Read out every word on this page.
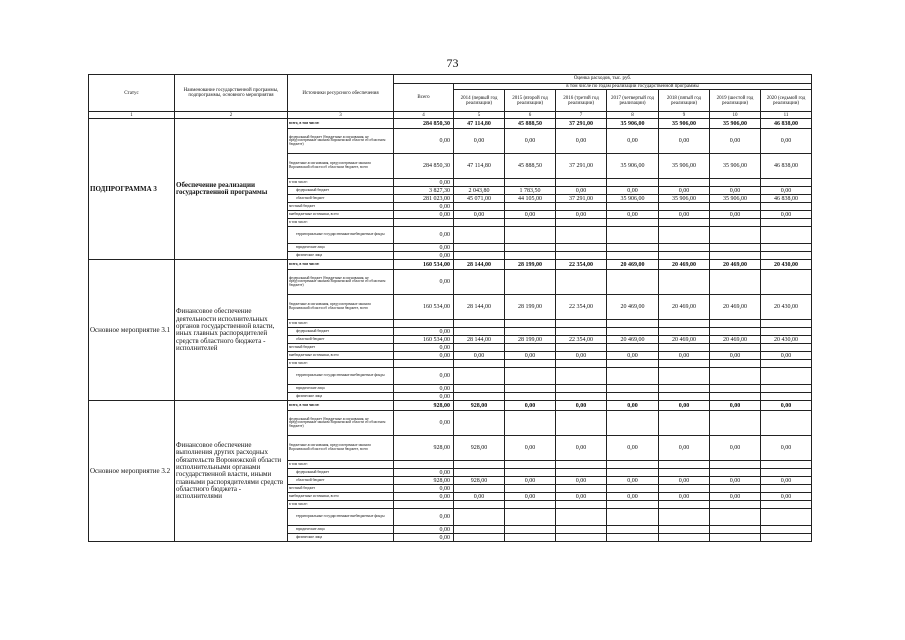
73
Статус	Наименование государственной программы, подпрограммы, основного мероприятия	Источники ресурсного обеспечения	Оценка расходов, тыс. руб.							
			Всего	в том числе по годам реализации государственной программы						
				2014 (первый год реализации)	2015 (второй год реализации)	2016 (третий год реализации)	2017 (четвертый год реализации)	2018 (пятый год реализации)	2019 (шестой год реализации)	2020 (седьмой год реализации)
1	2	3	4	5	6	7	8	9	10	11
ПОДПРОГРАММА 3	Обеспечение реализации государственной программы	всего, в том числе:	284 850,30	47 114,80	45 888,50	37 291,00	35 906,00	35 906,00	35 906,00	46 838,00
		федеральный бюджет (бюджетные ассигнования, не предусмотренные законом Воронежской области об областном бюджете)	0,00	0,00	0,00	0,00	0,00	0,00	0,00	0,00
		бюджетные ассигнования, предусмотренные законом Воронежской области об областном бюджете, всего	284 850,30	47 114,80	45 888,50	37 291,00	35 906,00	35 906,00	35 906,00	46 838,00
		в том числе:	0,00							
		федеральный бюджет	3 827,30	2 043,80	1 783,50	0,00	0,00	0,00	0,00	0,00
		областной бюджет	281 023,00	45 071,00	44 105,00	37 291,00	35 906,00	35 906,00	35 906,00	46 838,00
		местный бюджет	0,00							
		внебюджетные источники, всего	0,00	0,00	0,00	0,00	0,00	0,00	0,00	0,00
		в том числе:								
		территориальные государственные внебюджетные фонды	0,00							
		юридические лица	0,00							
		физические лица	0,00							
Основное мероприятие 3.1	Финансовое обеспечение деятельности исполнительных органов государственной власти, иных главных распорядителей средств областного бюджета - исполнителей	всего, в том числе:	160 534,00	28 144,00	28 199,00	22 354,00	20 469,00	20 469,00	20 469,00	20 430,00
		федеральный бюджет (бюджетные ассигнования, не предусмотренные законом Воронежской области об областном бюджете)	0,00							
		бюджетные ассигнования, предусмотренные законом Воронежской области об областном бюджете, всего	160 534,00	28 144,00	28 199,00	22 354,00	20 469,00	20 469,00	20 469,00	20 430,00
		в том числе:								
		федеральный бюджет	0,00							
		областной бюджет	160 534,00	28 144,00	28 199,00	22 354,00	20 469,00	20 469,00	20 469,00	20 430,00
		местный бюджет	0,00							
		внебюджетные источники, всего	0,00	0,00	0,00	0,00	0,00	0,00	0,00	0,00
		в том числе:								
		территориальные государственные внебюджетные фонды	0,00							
		юридические лица	0,00							
		физические лица	0,00							
Основное мероприятие 3.2	Финансовое обеспечение выполнения других расходных обязательств Воронежской области исполнительными органами государственной власти, иными главными распорядителями средств областного бюджета - исполнителями	всего, в том числе:	928,00	928,00	0,00	0,00	0,00	0,00	0,00	0,00
		федеральный бюджет (бюджетные ассигнования, не предусмотренные законом Воронежской области об областном бюджете)	0,00							
		бюджетные ассигнования, предусмотренные законом Воронежской области об областном бюджете, всего	928,00	928,00	0,00	0,00	0,00	0,00	0,00	0,00
		в том числе:								
		федеральный бюджет	0,00							
		областной бюджет	928,00	928,00	0,00	0,00	0,00	0,00	0,00	0,00
		местный бюджет	0,00							
		внебюджетные источники, всего	0,00	0,00	0,00	0,00	0,00	0,00	0,00	0,00
		в том числе:								
		территориальные государственные внебюджетные фонды	0,00							
		юридические лица	0,00							
		физические лица	0,00							
